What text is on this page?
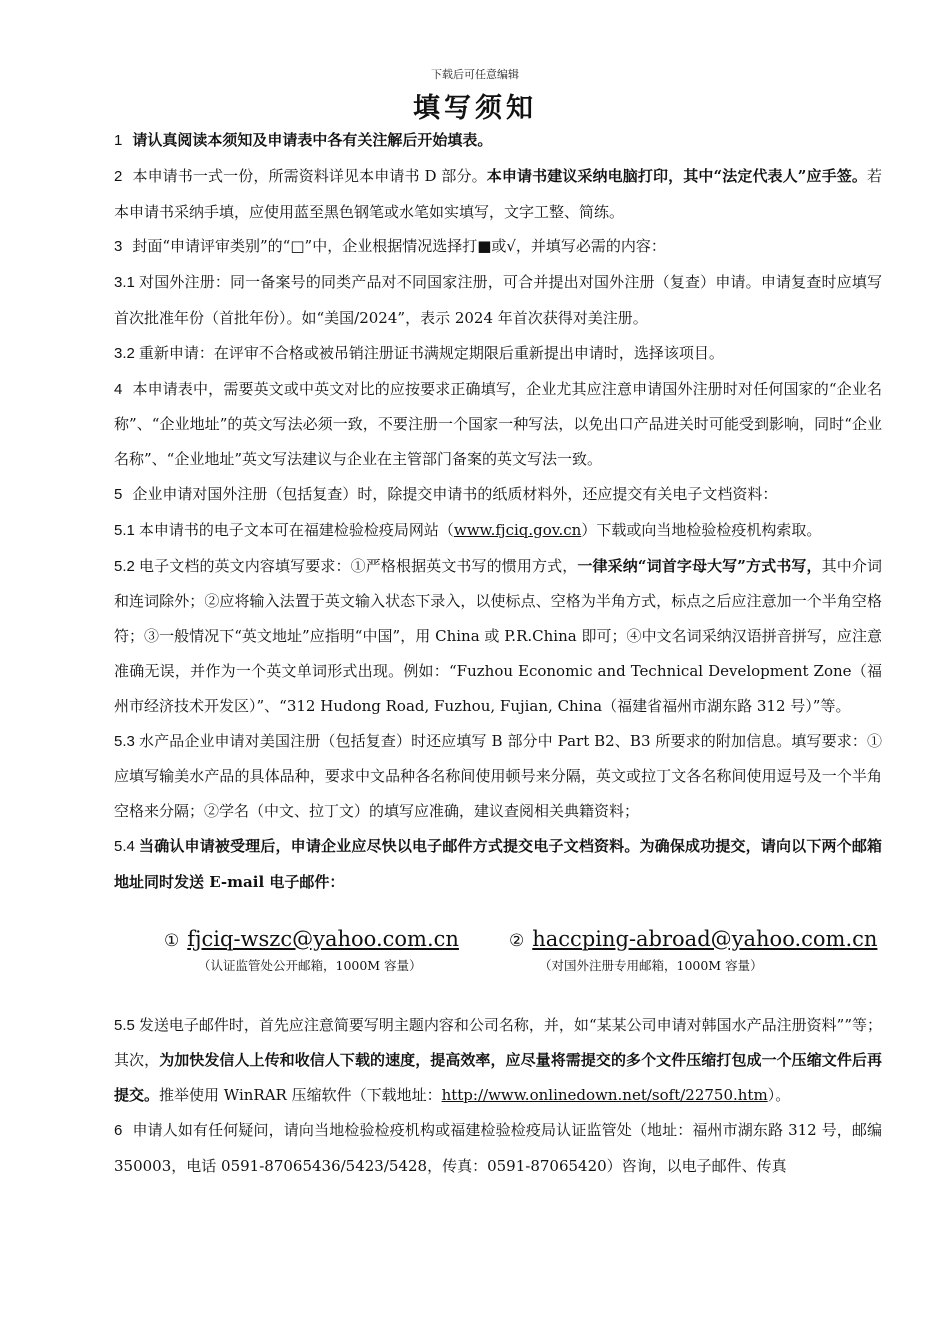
下载后可任意编辑
填写须知

1 请认真阅读本须知及申请表中各有关注解后开始填表。

2 本申请书一式一份，所需资料详见本申请书 D 部分。本申请书建议采纳电脑打印，其中“法定代表人”应手签。若本申请书采纳手填，应使用蓝至黑色钢笔或水笔如实填写，文字工整、简练。

3 封面“申请评审类别”的“□”中，企业根据情况选择打■或√，并填写必需的内容：

3.1 对国外注册：同一备案号的同类产品对不同国家注册，可合并提出对国外注册（复查）申请。申请复查时应填写首次批准年份（首批年份）。如“美国/2024”，表示 2024 年首次获得对美注册。

3.2 重新申请：在评审不合格或被吊销注册证书满规定期限后重新提出申请时，选择该项目。

4 本申请表中，需要英文或中英文对比的应按要求正确填写，企业尤其应注意申请国外注册时对任何国家的“企业名称”、“企业地址”的英文写法必须一致，不要注册一个国家一种写法，以免出口产品进关时可能受到影响，同时“企业名称”、“企业地址”英文写法建议与企业在主管部门备案的英文写法一致。

5 企业申请对国外注册（包括复查）时，除提交申请书的纸质材料外，还应提交有关电子文档资料：

5.1 本申请书的电子文本可在福建检验检疫局网站（www.fjciq.gov.cn）下载或向当地检验检疫机构索取。

5.2 电子文档的英文内容填写要求：①严格根据英文书写的惯用方式，一律采纳“词首字母大写”方式书写，其中介词和连词除外；②应将输入法置于英文输入状态下录入，以使标点、空格为半角方式，标点之后应注意加一个半角空格符；③一般情况下“英文地址”应指明“中国”，用 China 或 P.R.China 即可；④中文名词采纳汉语拼音拼写，应注意准确无误，并作为一个英文单词形式出现。例如：“Fuzhou Economic and Technical Development Zone（福州市经济技术开发区）”、“312 Hudong Road, Fuzhou, Fujian, China（福建省福州市湖东路 312 号）”等。

5.3 水产品企业申请对美国注册（包括复查）时还应填写 B 部分中 Part B2、B3 所要求的附加信息。填写要求：①应填写输美水产品的具体品种，要求中文品种各名称间使用顿号来分隔，英文或拉丁文各名称间使用逗号及一个半角空格来分隔；②学名（中文、拉丁文）的填写应准确，建议查阅相关典籍资料；

5.4 当确认申请被受理后，申请企业应尽快以电子邮件方式提交电子文档资料。为确保成功提交，请向以下两个邮箱地址同时发送 E-mail 电子邮件：

① fjciq-wszc@yahoo.com.cn
（认证监管处公开邮箱，1000M 容量）
② haccping-abroad@yahoo.com.cn
（对国外注册专用邮箱，1000M 容量）

5.5 发送电子邮件时，首先应注意简要写明主题内容和公司名称，并，如“某某公司申请对韩国水产品注册资料””等；其次，为加快发信人上传和收信人下载的速度，提高效率，应尽量将需提交的多个文件压缩打包成一个压缩文件后再提交。推举使用 WinRAR 压缩软件（下载地址：http://www.onlinedown.net/soft/22750.htm）。

6 申请人如有任何疑问，请向当地检验检疫机构或福建检验检疫局认证监管处（地址：福州市湖东路 312 号，邮编 350003，电话 0591-87065436/5423/5428，传真：0591-87065420）咨询，以电子邮件、传真
